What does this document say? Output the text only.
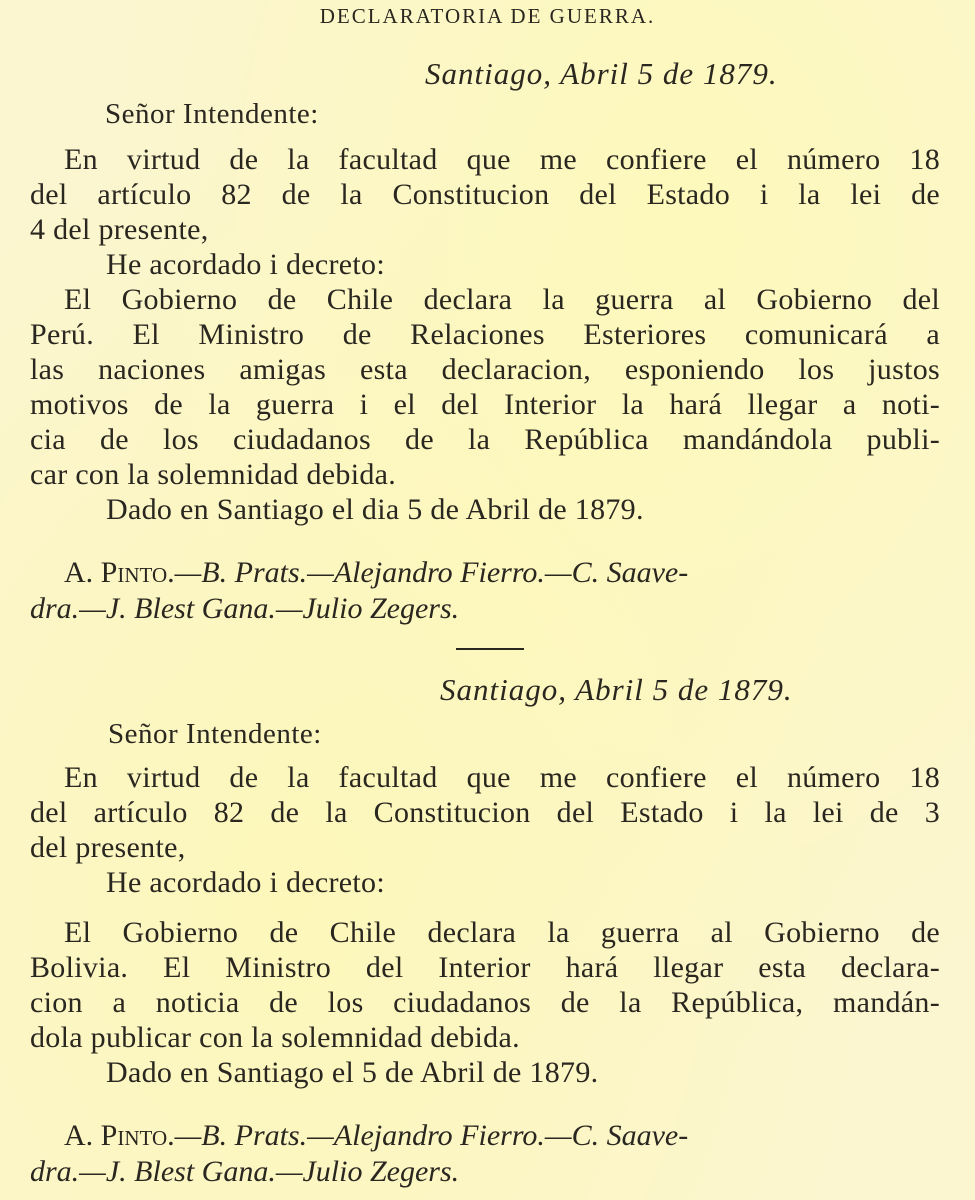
DECLARATORIA DE GUERRA.
Santiago, Abril 5 de 1879.
Señor Intendente:
En virtud de la facultad que me confiere el número 18
del artículo 82 de la Constitucion del Estado i la lei de
4 del presente,
He acordado i decreto:
El Gobierno de Chile declara la guerra al Gobierno del
Perú. El Ministro de Relaciones Esteriores comunicará a
las naciones amigas esta declaracion, esponiendo los justos
motivos de la guerra i el del Interior la hará llegar a noti-
cia de los ciudadanos de la República mandándola publi-
car con la solemnidad debida.
Dado en Santiago el dia 5 de Abril de 1879.
A. Pinto.—B. Prats.—Alejandro Fierro.—C. Saave-
dra.—J. Blest Gana.—Julio Zegers.
Santiago, Abril 5 de 1879.
Señor Intendente:
En virtud de la facultad que me confiere el número 18
del artículo 82 de la Constitucion del Estado i la lei de 3
del presente,
He acordado i decreto:
El Gobierno de Chile declara la guerra al Gobierno de
Bolivia. El Ministro del Interior hará llegar esta declara-
cion a noticia de los ciudadanos de la República, mandán-
dola publicar con la solemnidad debida.
Dado en Santiago el 5 de Abril de 1879.
A. Pinto.—B. Prats.—Alejandro Fierro.—C. Saave-
dra.—J. Blest Gana.—Julio Zegers.
